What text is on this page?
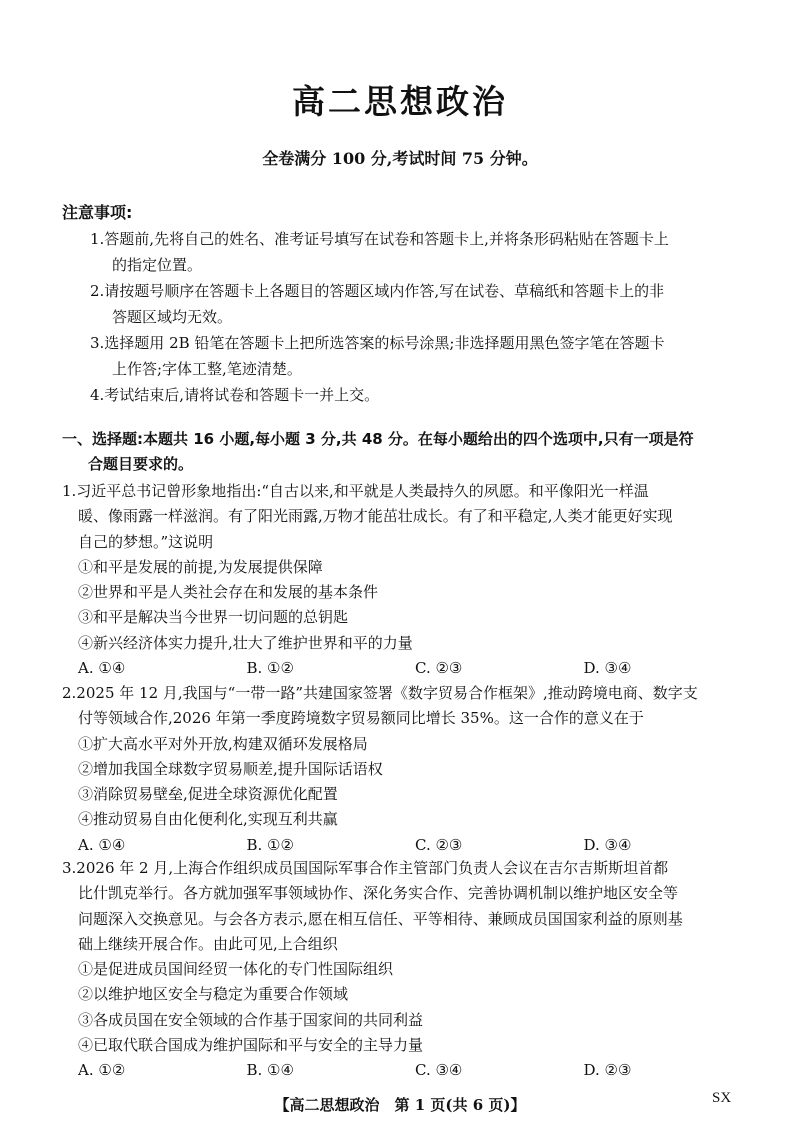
高二思想政治
全卷满分 100 分,考试时间 75 分钟。
注意事项:
1.答题前,先将自己的姓名、准考证号填写在试卷和答题卡上,并将条形码粘贴在答题卡上
的指定位置。
2.请按题号顺序在答题卡上各题目的答题区域内作答,写在试卷、草稿纸和答题卡上的非
答题区域均无效。
3.选择题用 2B 铅笔在答题卡上把所选答案的标号涂黑;非选择题用黑色签字笔在答题卡
上作答;字体工整,笔迹清楚。
4.考试结束后,请将试卷和答题卡一并上交。
一、选择题:本题共 16 小题,每小题 3 分,共 48 分。在每小题给出的四个选项中,只有一项是符
合题目要求的。
1.习近平总书记曾形象地指出:“自古以来,和平就是人类最持久的夙愿。和平像阳光一样温
暖、像雨露一样滋润。有了阳光雨露,万物才能茁壮成长。有了和平稳定,人类才能更好实现
自己的梦想。”这说明
①和平是发展的前提,为发展提供保障
②世界和平是人类社会存在和发展的基本条件
③和平是解决当今世界一切问题的总钥匙
④新兴经济体实力提升,壮大了维护世界和平的力量
A. ①④	B. ①②	C. ②③	D. ③④
2.2025 年 12 月,我国与“一带一路”共建国家签署《数字贸易合作框架》,推动跨境电商、数字支
付等领域合作,2026 年第一季度跨境数字贸易额同比增长 35%。这一合作的意义在于
①扩大高水平对外开放,构建双循环发展格局
②增加我国全球数字贸易顺差,提升国际话语权
③消除贸易壁垒,促进全球资源优化配置
④推动贸易自由化便利化,实现互利共赢
A. ①④	B. ①②	C. ②③	D. ③④
3.2026 年 2 月,上海合作组织成员国国际军事合作主管部门负责人会议在吉尔吉斯斯坦首都
比什凯克举行。各方就加强军事领域协作、深化务实合作、完善协调机制以维护地区安全等
问题深入交换意见。与会各方表示,愿在相互信任、平等相待、兼顾成员国国家利益的原则基
础上继续开展合作。由此可见,上合组织
①是促进成员国间经贸一体化的专门性国际组织
②以维护地区安全与稳定为重要合作领域
③各成员国在安全领域的合作基于国家间的共同利益
④已取代联合国成为维护国际和平与安全的主导力量
A. ①②	B. ①④	C. ③④	D. ②③
【高二思想政治　第 1 页(共 6 页)】	SX
